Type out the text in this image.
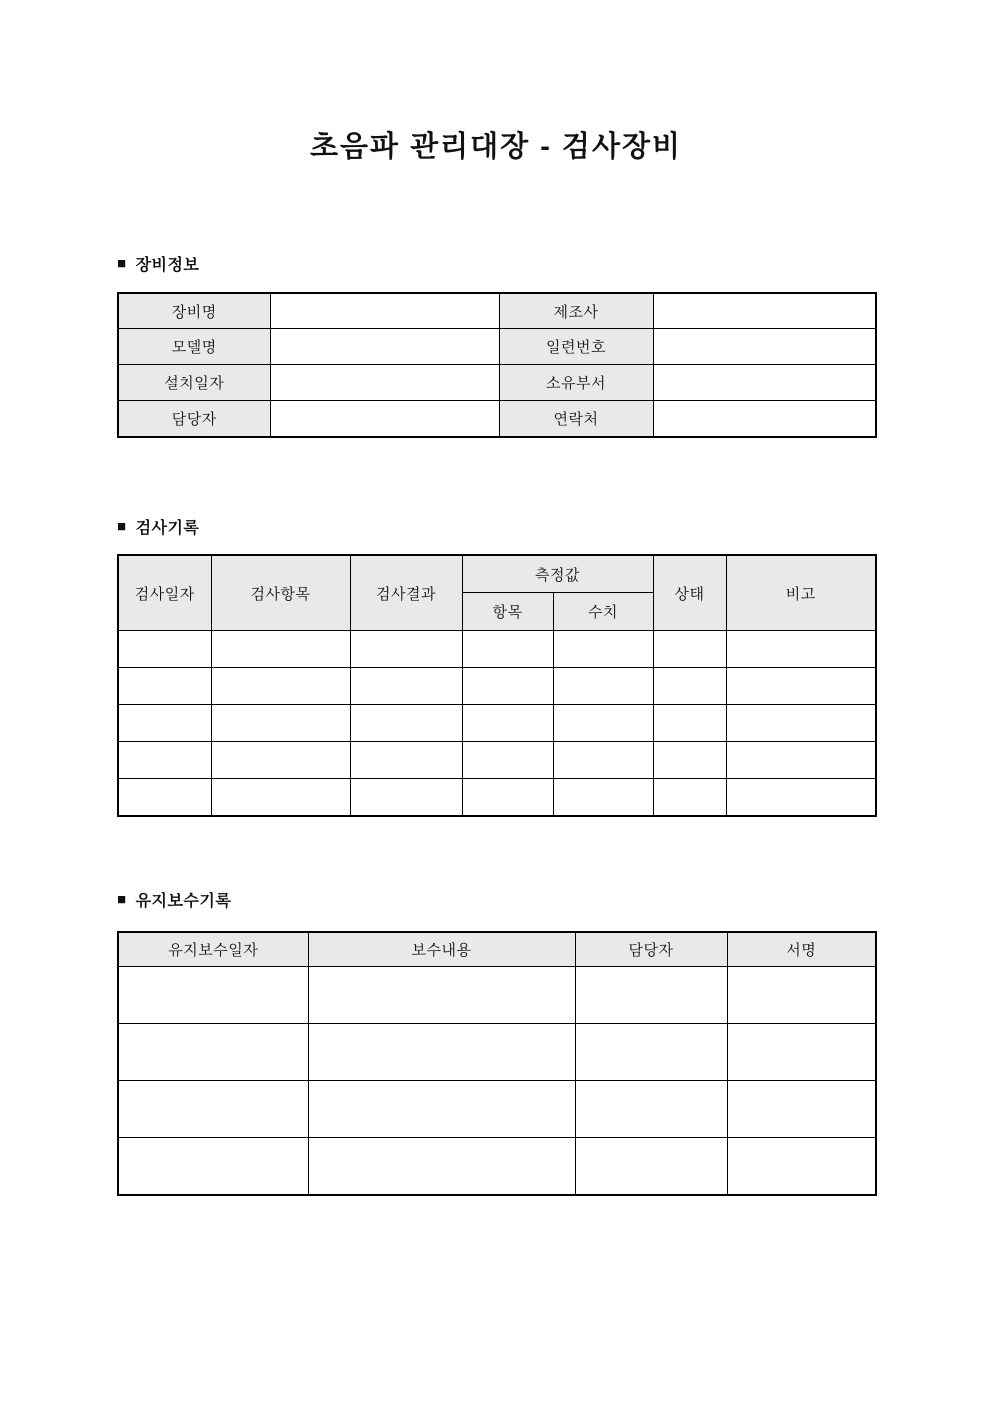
초음파 관리대장 - 검사장비
■ 장비정보
장비명		제조사	
모델명		일련번호	
설치일자		소유부서	
담당자		연락처	
■ 검사기록
검사일자	검사항목	검사결과	측정값		상태	비고
			항목	수치		

■ 유지보수기록
유지보수일자	보수내용	담당자	서명
